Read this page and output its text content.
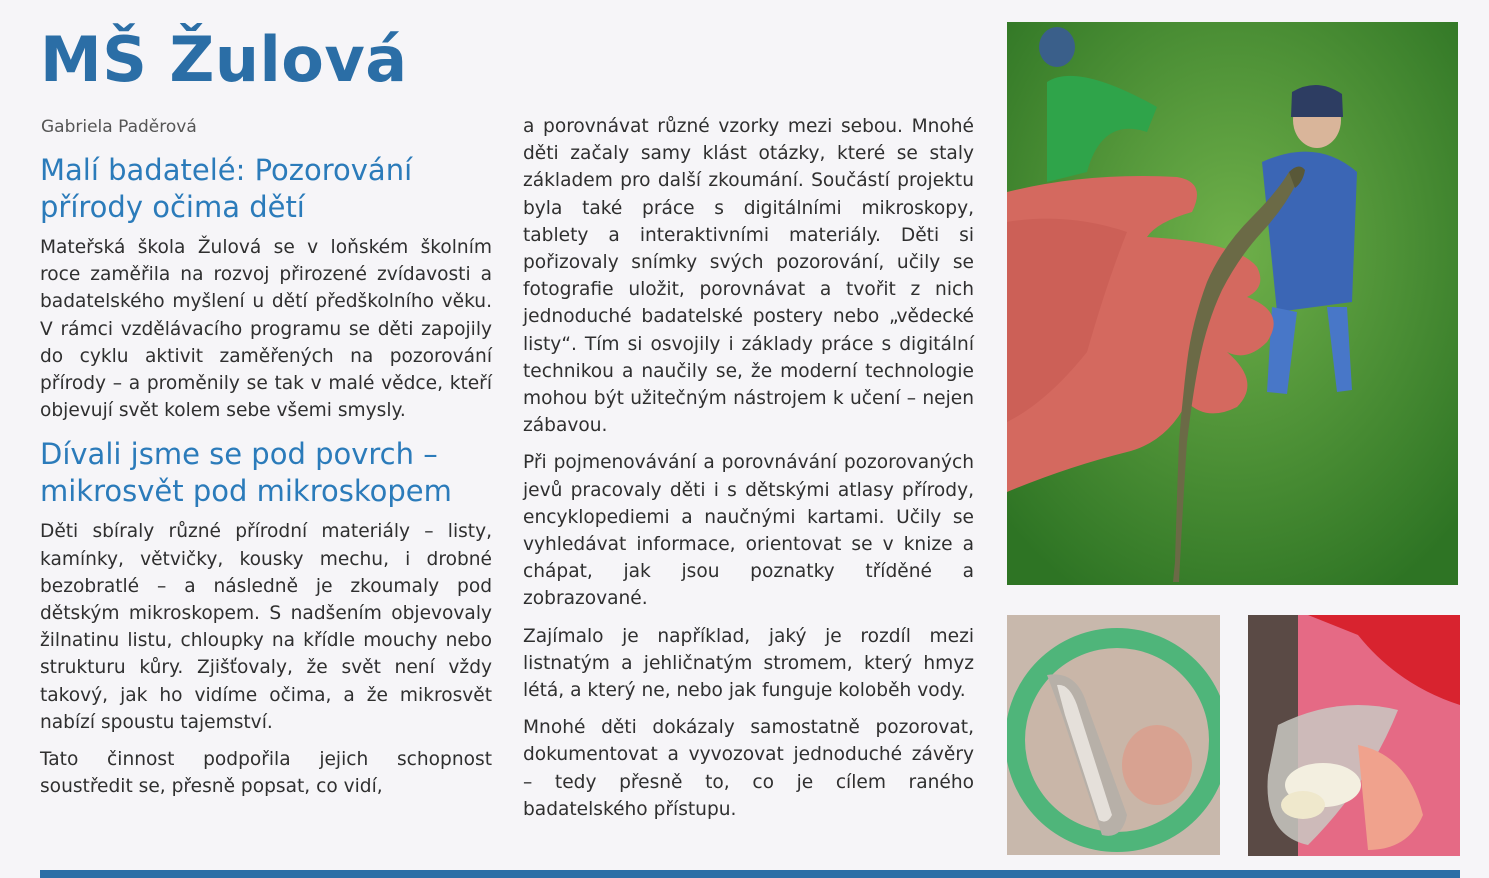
MŠ Žulová
Gabriela Paděrová
Malí badatelé: Pozorování přírody očima dětí

Mateřská škola Žulová se v loňském školním roce zaměřila na rozvoj přirozené zvídavosti a badatelského myšlení u dětí předškolního věku. V rámci vzdělávacího programu se děti zapojily do cyklu aktivit zaměřených na pozorování přírody – a proměnily se tak v malé vědce, kteří objevují svět kolem sebe všemi smysly.

Dívali jsme se pod povrch – mikrosvět pod mikroskopem

Děti sbíraly různé přírodní materiály – listy, kamínky, větvičky, kousky mechu, i drobné bezobratlé – a následně je zkoumaly pod dětským mikroskopem. S nadšením objevovaly žilnatinu listu, chloupky na křídle mouchy nebo strukturu kůry. Zjišťovaly, že svět není vždy takový, jak ho vidíme očima, a že mikrosvět nabízí spoustu tajemství.

Tato činnost podpořila jejich schopnost soustředit se, přesně popsat, co vidí,

a porovnávat různé vzorky mezi sebou. Mnohé děti začaly samy klást otázky, které se staly základem pro další zkoumání. Součástí projektu byla také práce s digitálními mikroskopy, tablety a interaktivními materiály. Děti si pořizovaly snímky svých pozorování, učily se fotografie uložit, porovnávat a tvořit z nich jednoduché badatelské postery nebo „vědecké listy“. Tím si osvojily i základy práce s digitální technikou a naučily se, že moderní technologie mohou být užitečným nástrojem k učení – nejen zábavou.

Při pojmenovávání a porovnávání pozorovaných jevů pracovaly děti i s dětskými atlasy přírody, encyklopediemi a naučnými kartami. Učily se vyhledávat informace, orientovat se v knize a chápat, jak jsou poznatky tříděné a zobrazované.

Zajímalo je například, jaký je rozdíl mezi listnatým a jehličnatým stromem, který hmyz létá, a který ne, nebo jak funguje koloběh vody.

Mnohé děti dokázaly samostatně pozorovat, dokumentovat a vyvozovat jednoduché závěry – tedy přesně to, co je cílem raného badatelského přístupu.
